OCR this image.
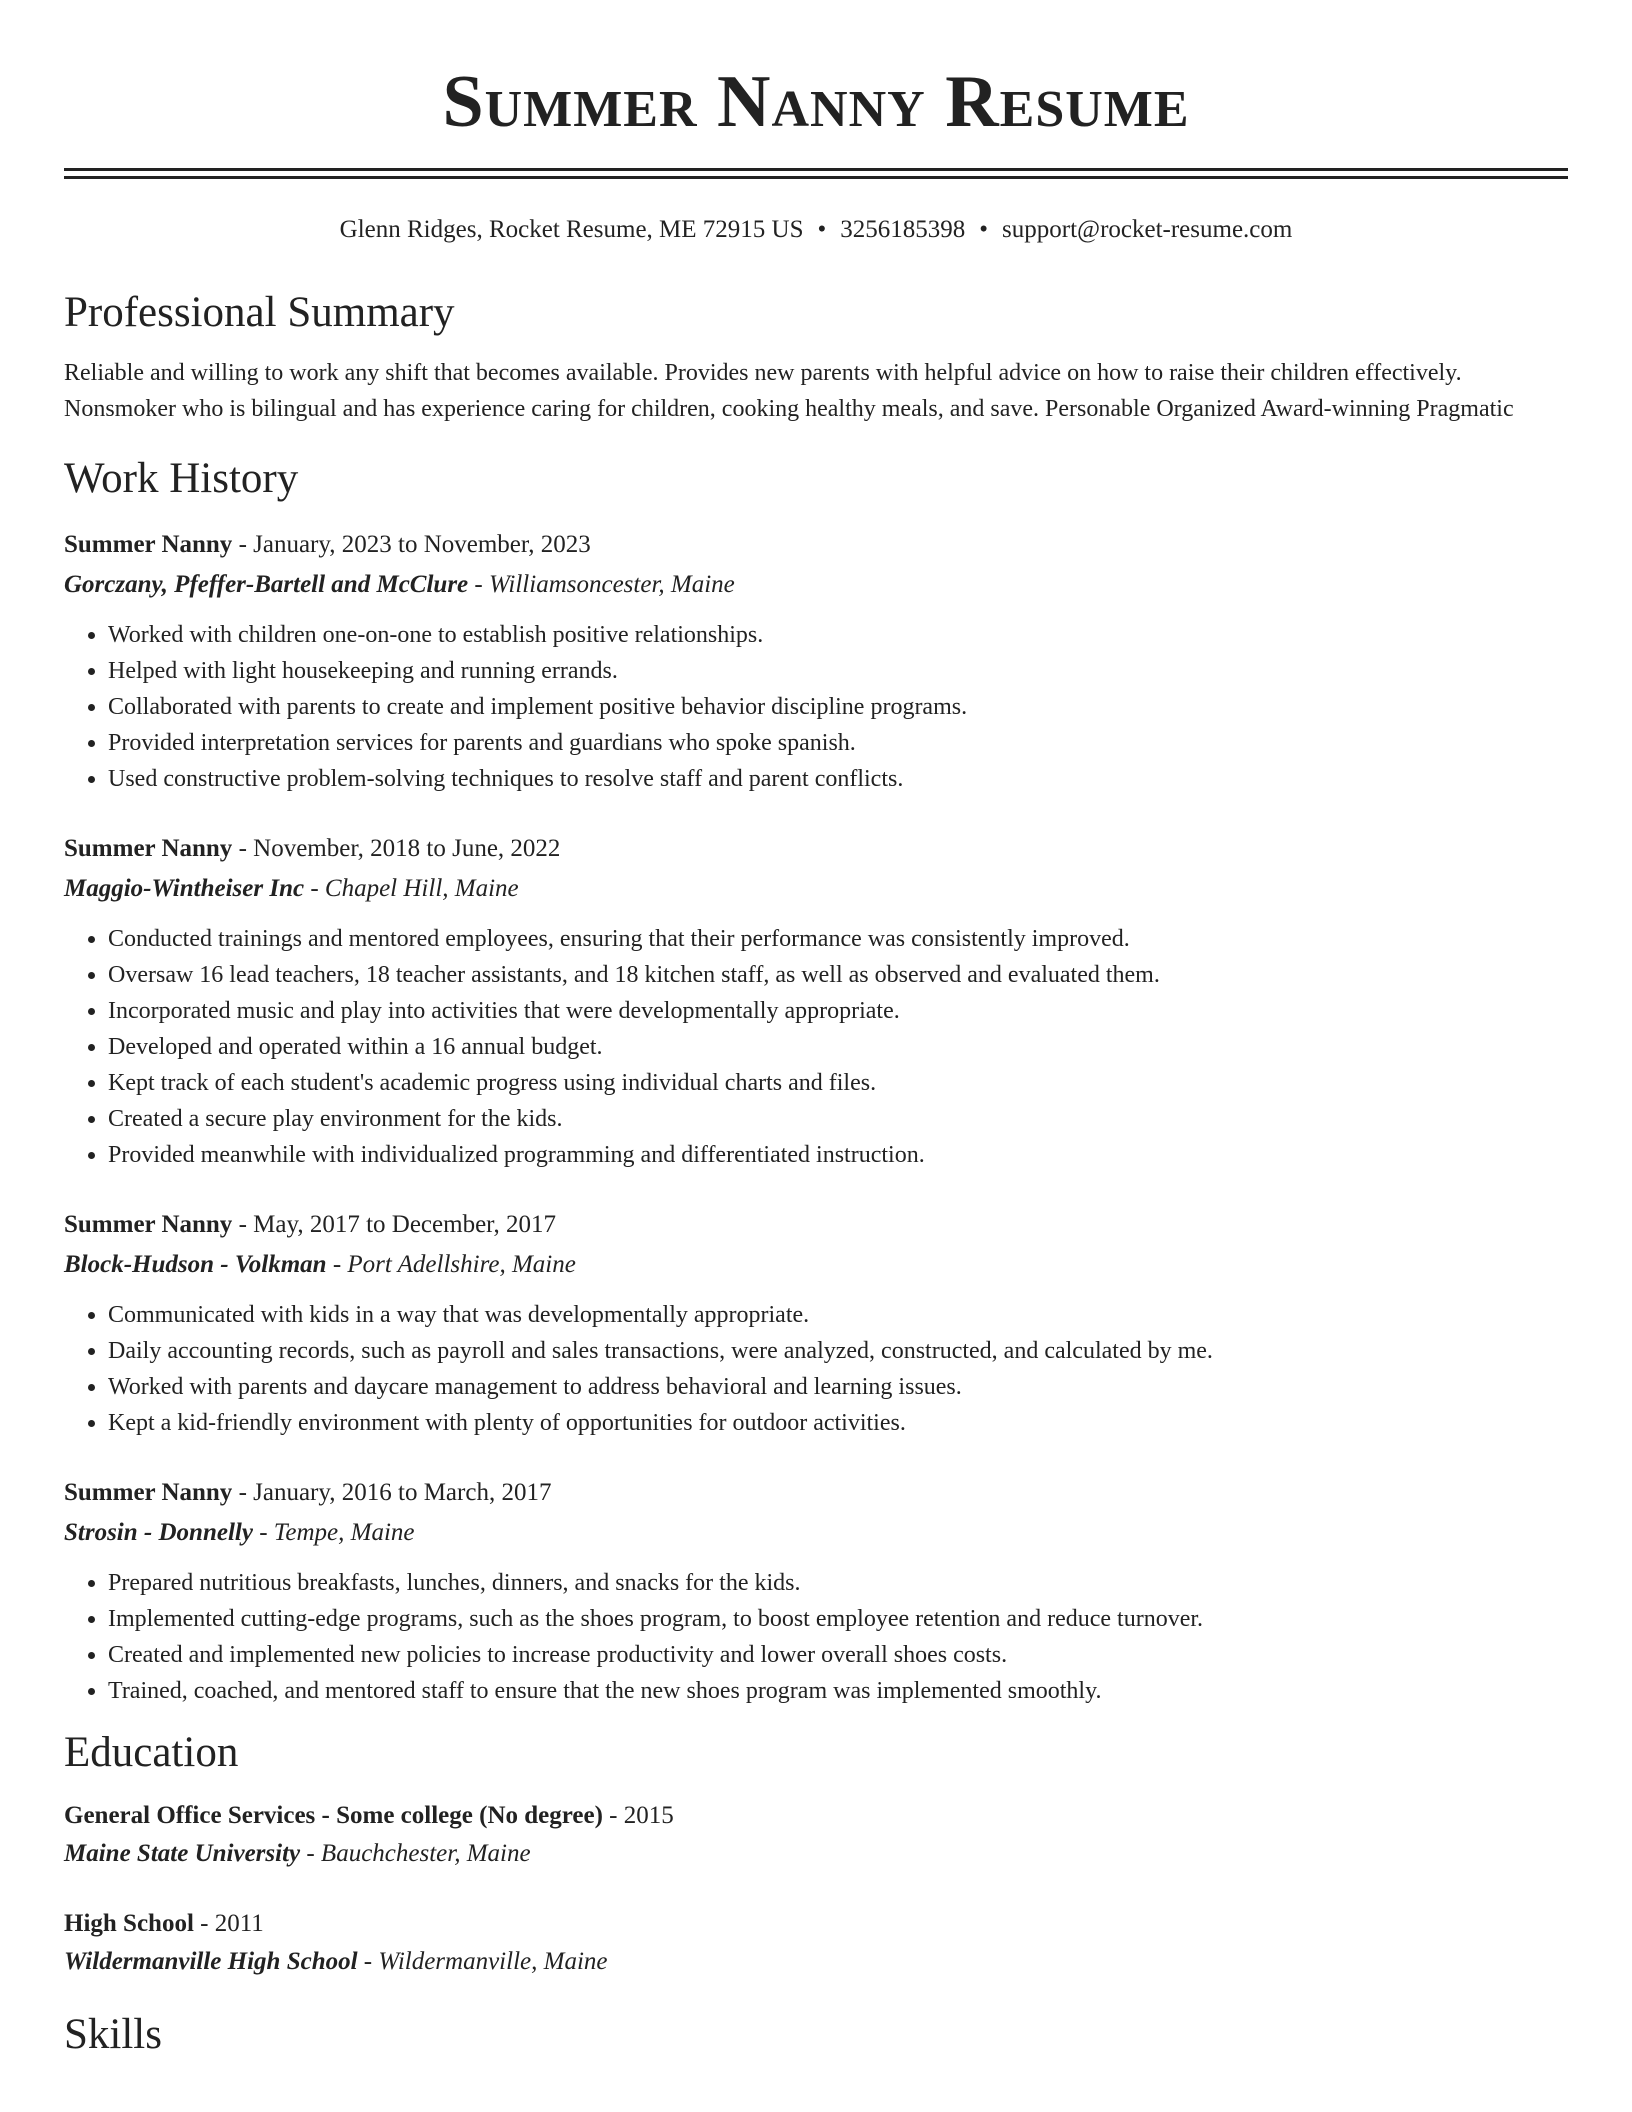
Summer Nanny Resume
Glenn Ridges, Rocket Resume, ME 72915 US • 3256185398 • support@rocket-resume.com
Professional Summary
Reliable and willing to work any shift that becomes available. Provides new parents with helpful advice on how to raise their children effectively. Nonsmoker who is bilingual and has experience caring for children, cooking healthy meals, and save. Personable Organized Award-winning Pragmatic
Work History
Summer Nanny - January, 2023 to November, 2023
Gorczany, Pfeffer-Bartell and McClure - Williamsoncester, Maine
• Worked with children one-on-one to establish positive relationships.
• Helped with light housekeeping and running errands.
• Collaborated with parents to create and implement positive behavior discipline programs.
• Provided interpretation services for parents and guardians who spoke spanish.
• Used constructive problem-solving techniques to resolve staff and parent conflicts.
Summer Nanny - November, 2018 to June, 2022
Maggio-Wintheiser Inc - Chapel Hill, Maine
• Conducted trainings and mentored employees, ensuring that their performance was consistently improved.
• Oversaw 16 lead teachers, 18 teacher assistants, and 18 kitchen staff, as well as observed and evaluated them.
• Incorporated music and play into activities that were developmentally appropriate.
• Developed and operated within a 16 annual budget.
• Kept track of each student's academic progress using individual charts and files.
• Created a secure play environment for the kids.
• Provided meanwhile with individualized programming and differentiated instruction.
Summer Nanny - May, 2017 to December, 2017
Block-Hudson - Volkman - Port Adellshire, Maine
• Communicated with kids in a way that was developmentally appropriate.
• Daily accounting records, such as payroll and sales transactions, were analyzed, constructed, and calculated by me.
• Worked with parents and daycare management to address behavioral and learning issues.
• Kept a kid-friendly environment with plenty of opportunities for outdoor activities.
Summer Nanny - January, 2016 to March, 2017
Strosin - Donnelly - Tempe, Maine
• Prepared nutritious breakfasts, lunches, dinners, and snacks for the kids.
• Implemented cutting-edge programs, such as the shoes program, to boost employee retention and reduce turnover.
• Created and implemented new policies to increase productivity and lower overall shoes costs.
• Trained, coached, and mentored staff to ensure that the new shoes program was implemented smoothly.
Education
General Office Services - Some college (No degree) - 2015
Maine State University - Bauchchester, Maine
High School - 2011
Wildermanville High School - Wildermanville, Maine
Skills
